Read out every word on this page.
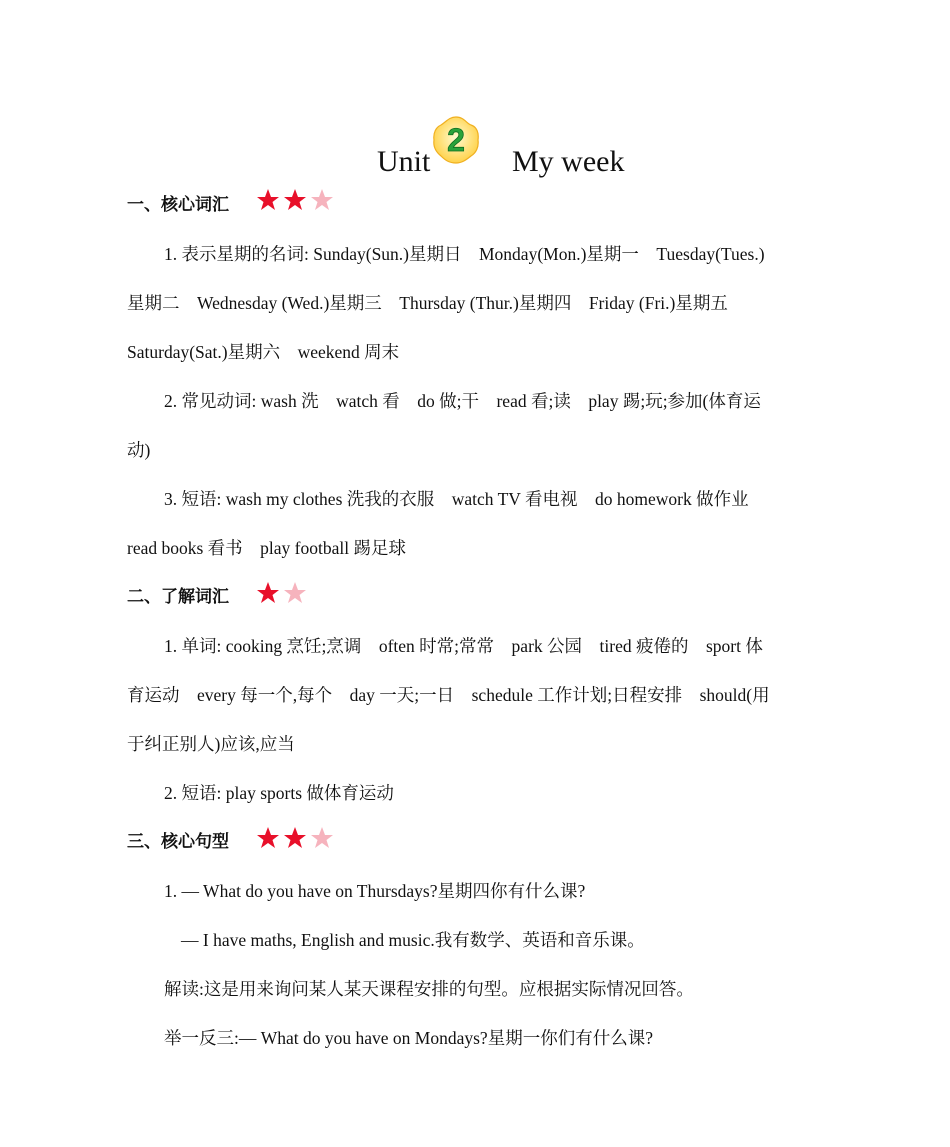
Unit	My week
2
一、核心词汇
1. 表示星期的名词: Sunday(Sun.)星期日    Monday(Mon.)星期一    Tuesday(Tues.)
星期二    Wednesday (Wed.)星期三    Thursday (Thur.)星期四    Friday (Fri.)星期五
Saturday(Sat.)星期六    weekend 周末
2. 常见动词: wash 洗    watch 看    do 做;干    read 看;读    play 踢;玩;参加(体育运
动)
3. 短语: wash my clothes 洗我的衣服    watch TV 看电视    do homework 做作业
read books 看书    play football 踢足球
二、了解词汇
1. 单词: cooking 烹饪;烹调    often 时常;常常    park 公园    tired 疲倦的    sport 体
育运动    every 每一个,每个    day 一天;一日    schedule 工作计划;日程安排    should(用
于纠正别人)应该,应当
2. 短语: play sports 做体育运动
三、核心句型
1. — What do you have on Thursdays?星期四你有什么课?
— I have maths, English and music.我有数学、英语和音乐课。
解读:这是用来询问某人某天课程安排的句型。应根据实际情况回答。
举一反三:— What do you have on Mondays?星期一你们有什么课?
